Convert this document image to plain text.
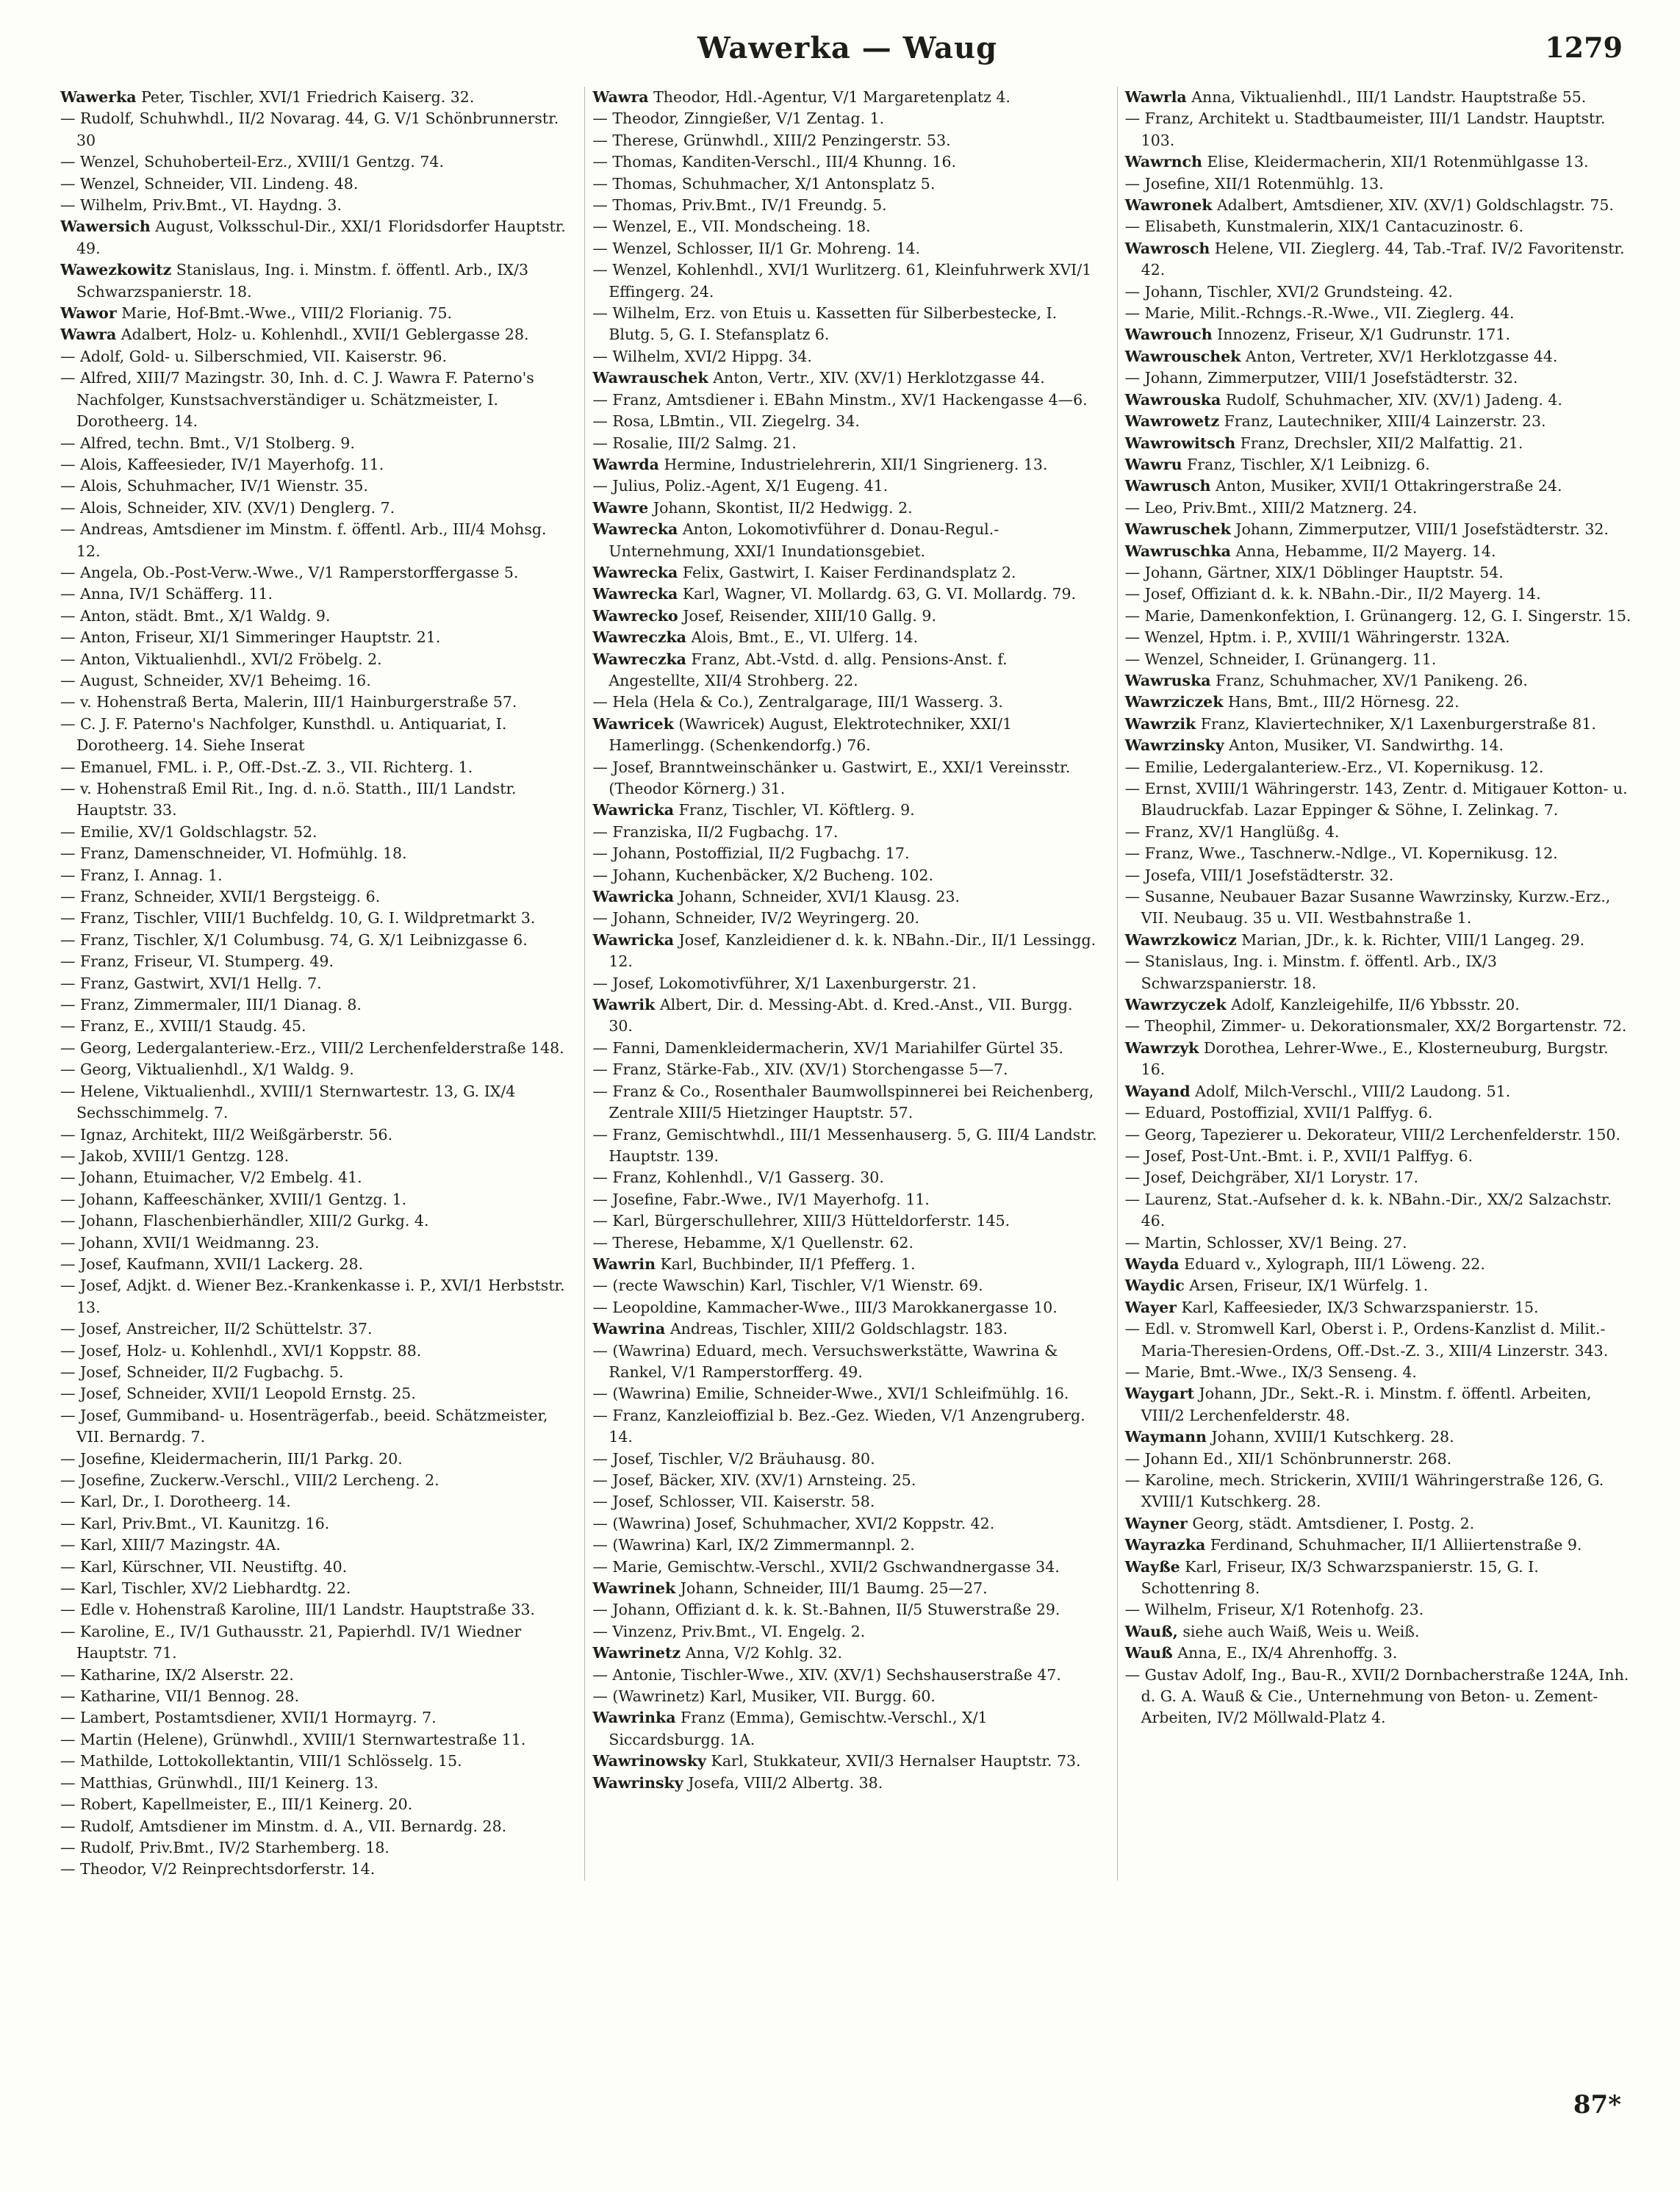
Wawerka — Waug	1279

Wawerka Peter, Tischler, XVI/1 Friedrich Kaiserg. 32.

— Rudolf, Schuhwhdl., II/2 Novarag. 44, G. V/1 Schönbrunnerstr. 30

— Wenzel, Schuhoberteil-Erz., XVIII/1 Gentzg. 74.

— Wenzel, Schneider, VII. Lindeng. 48.

— Wilhelm, Priv.Bmt., VI. Haydng. 3.

Wawersich August, Volksschul-Dir., XXI/1 Floridsdorfer Hauptstr. 49.

Wawezkowitz Stanislaus, Ing. i. Minstm. f. öffentl. Arb., IX/3 Schwarzspanierstr. 18.

Wawor Marie, Hof-Bmt.-Wwe., VIII/2 Florianig. 75.

Wawra Adalbert, Holz- u. Kohlenhdl., XVII/1 Geblergasse 28.

— Adolf, Gold- u. Silberschmied, VII. Kaiserstr. 96.

— Alfred, XIII/7 Mazingstr. 30, Inh. d. C. J. Wawra F. Paterno's Nachfolger, Kunstsachverständiger u. Schätzmeister, I. Dorotheerg. 14.

— Alfred, techn. Bmt., V/1 Stolberg. 9.

— Alois, Kaffeesieder, IV/1 Mayerhofg. 11.

— Alois, Schuhmacher, IV/1 Wienstr. 35.

— Alois, Schneider, XIV. (XV/1) Denglerg. 7.

— Andreas, Amtsdiener im Minstm. f. öffentl. Arb., III/4 Mohsg. 12.

— Angela, Ob.-Post-Verw.-Wwe., V/1 Ramperstorffergasse 5.

— Anna, IV/1 Schäfferg. 11.

— Anton, städt. Bmt., X/1 Waldg. 9.

— Anton, Friseur, XI/1 Simmeringer Hauptstr. 21.

— Anton, Viktualienhdl., XVI/2 Fröbelg. 2.

— August, Schneider, XV/1 Beheimg. 16.

— v. Hohenstraß Berta, Malerin, III/1 Hainburgerstraße 57.

— C. J. F. Paterno's Nachfolger, Kunsthdl. u. Antiquariat, I. Dorotheerg. 14. Siehe Inserat

— Emanuel, FML. i. P., Off.-Dst.-Z. 3., VII. Richterg. 1.

— v. Hohenstraß Emil Rit., Ing. d. n.ö. Statth., III/1 Landstr. Hauptstr. 33.

— Emilie, XV/1 Goldschlagstr. 52.

— Franz, Damenschneider, VI. Hofmühlg. 18.

— Franz, I. Annag. 1.

— Franz, Schneider, XVII/1 Bergsteigg. 6.

— Franz, Tischler, VIII/1 Buchfeldg. 10, G. I. Wildpretmarkt 3.

— Franz, Tischler, X/1 Columbusg. 74, G. X/1 Leibnizgasse 6.

— Franz, Friseur, VI. Stumperg. 49.

— Franz, Gastwirt, XVI/1 Hellg. 7.

— Franz, Zimmermaler, III/1 Dianag. 8.

— Franz, E., XVIII/1 Staudg. 45.

— Georg, Ledergalanteriew.-Erz., VIII/2 Lerchenfelderstraße 148.

— Georg, Viktualienhdl., X/1 Waldg. 9.

— Helene, Viktualienhdl., XVIII/1 Sternwartestr. 13, G. IX/4 Sechsschimmelg. 7.

— Ignaz, Architekt, III/2 Weißgärberstr. 56.

— Jakob, XVIII/1 Gentzg. 128.

— Johann, Etuimacher, V/2 Embelg. 41.

— Johann, Kaffeeschänker, XVIII/1 Gentzg. 1.

— Johann, Flaschenbierhändler, XIII/2 Gurkg. 4.

— Johann, XVII/1 Weidmanng. 23.

— Josef, Kaufmann, XVII/1 Lackerg. 28.

— Josef, Adjkt. d. Wiener Bez.-Krankenkasse i. P., XVI/1 Herbststr. 13.

— Josef, Anstreicher, II/2 Schüttelstr. 37.

— Josef, Holz- u. Kohlenhdl., XVI/1 Koppstr. 88.

— Josef, Schneider, II/2 Fugbachg. 5.

— Josef, Schneider, XVII/1 Leopold Ernstg. 25.

— Josef, Gummiband- u. Hosenträgerfab., beeid. Schätzmeister, VII. Bernardg. 7.

— Josefine, Kleidermacherin, III/1 Parkg. 20.

— Josefine, Zuckerw.-Verschl., VIII/2 Lercheng. 2.

— Karl, Dr., I. Dorotheerg. 14.

— Karl, Priv.Bmt., VI. Kaunitzg. 16.

— Karl, XIII/7 Mazingstr. 4A.

— Karl, Kürschner, VII. Neustiftg. 40.

— Karl, Tischler, XV/2 Liebhardtg. 22.

— Edle v. Hohenstraß Karoline, III/1 Landstr. Hauptstraße 33.

— Karoline, E., IV/1 Guthausstr. 21, Papierhdl. IV/1 Wiedner Hauptstr. 71.

— Katharine, IX/2 Alserstr. 22.

— Katharine, VII/1 Bennog. 28.

— Lambert, Postamtsdiener, XVII/1 Hormayrg. 7.

— Martin (Helene), Grünwhdl., XVIII/1 Sternwartestraße 11.

— Mathilde, Lottokollektantin, VIII/1 Schlösselg. 15.

— Matthias, Grünwhdl., III/1 Keinerg. 13.

— Robert, Kapellmeister, E., III/1 Keinerg. 20.

— Rudolf, Amtsdiener im Minstm. d. A., VII. Bernardg. 28.

— Rudolf, Priv.Bmt., IV/2 Starhemberg. 18.

— Theodor, V/2 Reinprechtsdorferstr. 14.

Wawra Theodor, Hdl.-Agentur, V/1 Margaretenplatz 4.

— Theodor, Zinngießer, V/1 Zentag. 1.

— Therese, Grünwhdl., XIII/2 Penzingerstr. 53.

— Thomas, Kanditen-Verschl., III/4 Khunng. 16.

— Thomas, Schuhmacher, X/1 Antonsplatz 5.

— Thomas, Priv.Bmt., IV/1 Freundg. 5.

— Wenzel, E., VII. Mondscheing. 18.

— Wenzel, Schlosser, II/1 Gr. Mohreng. 14.

— Wenzel, Kohlenhdl., XVI/1 Wurlitzerg. 61, Kleinfuhrwerk XVI/1 Effingerg. 24.

— Wilhelm, Erz. von Etuis u. Kassetten für Silberbestecke, I. Blutg. 5, G. I. Stefansplatz 6.

— Wilhelm, XVI/2 Hippg. 34.

Wawrauschek Anton, Vertr., XIV. (XV/1) Herklotzgasse 44.

— Franz, Amtsdiener i. EBahn Minstm., XV/1 Hackengasse 4—6.

— Rosa, LBmtin., VII. Ziegelrg. 34.

— Rosalie, III/2 Salmg. 21.

Wawrda Hermine, Industrielehrerin, XII/1 Singrienerg. 13.

— Julius, Poliz.-Agent, X/1 Eugeng. 41.

Wawre Johann, Skontist, II/2 Hedwigg. 2.

Wawrecka Anton, Lokomotivführer d. Donau-Regul.-Unternehmung, XXI/1 Inundationsgebiet.

Wawrecka Felix, Gastwirt, I. Kaiser Ferdinandsplatz 2.

Wawrecka Karl, Wagner, VI. Mollardg. 63, G. VI. Mollardg. 79.

Wawrecko Josef, Reisender, XIII/10 Gallg. 9.

Wawreczka Alois, Bmt., E., VI. Ulferg. 14.

Wawreczka Franz, Abt.-Vstd. d. allg. Pensions-Anst. f. Angestellte, XII/4 Strohberg. 22.

— Hela (Hela & Co.), Zentralgarage, III/1 Wasserg. 3.

Wawricek (Wawricek) August, Elektrotechniker, XXI/1 Hamerlingg. (Schenkendorfg.) 76.

— Josef, Branntweinschänker u. Gastwirt, E., XXI/1 Vereinsstr. (Theodor Körnerg.) 31.

Wawricka Franz, Tischler, VI. Köftlerg. 9.

— Franziska, II/2 Fugbachg. 17.

— Johann, Postoffizial, II/2 Fugbachg. 17.

— Johann, Kuchenbäcker, X/2 Bucheng. 102.

Wawricka Johann, Schneider, XVI/1 Klausg. 23.

— Johann, Schneider, IV/2 Weyringerg. 20.

Wawricka Josef, Kanzleidiener d. k. k. NBahn.-Dir., II/1 Lessingg. 12.

— Josef, Lokomotivführer, X/1 Laxenburgerstr. 21.

Wawrik Albert, Dir. d. Messing-Abt. d. Kred.-Anst., VII. Burgg. 30.

— Fanni, Damenkleidermacherin, XV/1 Mariahilfer Gürtel 35.

— Franz, Stärke-Fab., XIV. (XV/1) Storchengasse 5—7.

— Franz & Co., Rosenthaler Baumwollspinnerei bei Reichenberg, Zentrale XIII/5 Hietzinger Hauptstr. 57.

— Franz, Gemischtwhdl., III/1 Messenhauserg. 5, G. III/4 Landstr. Hauptstr. 139.

— Franz, Kohlenhdl., V/1 Gasserg. 30.

— Josefine, Fabr.-Wwe., IV/1 Mayerhofg. 11.

— Karl, Bürgerschullehrer, XIII/3 Hütteldorferstr. 145.

— Therese, Hebamme, X/1 Quellenstr. 62.

Wawrin Karl, Buchbinder, II/1 Pfefferg. 1.

— (recte Wawschin) Karl, Tischler, V/1 Wienstr. 69.

— Leopoldine, Kammacher-Wwe., III/3 Marokkanergasse 10.

Wawrina Andreas, Tischler, XIII/2 Goldschlagstr. 183.

— (Wawrina) Eduard, mech. Versuchswerkstätte, Wawrina & Rankel, V/1 Ramperstorfferg. 49.

— (Wawrina) Emilie, Schneider-Wwe., XVI/1 Schleifmühlg. 16.

— Franz, Kanzleioffizial b. Bez.-Gez. Wieden, V/1 Anzengruberg. 14.

— Josef, Tischler, V/2 Bräuhausg. 80.

— Josef, Bäcker, XIV. (XV/1) Arnsteing. 25.

— Josef, Schlosser, VII. Kaiserstr. 58.

— (Wawrina) Josef, Schuhmacher, XVI/2 Koppstr. 42.

— (Wawrina) Karl, IX/2 Zimmermannpl. 2.

— Marie, Gemischtw.-Verschl., XVII/2 Gschwandnergasse 34.

Wawrinek Johann, Schneider, III/1 Baumg. 25—27.

— Johann, Offiziant d. k. k. St.-Bahnen, II/5 Stuwerstraße 29.

— Vinzenz, Priv.Bmt., VI. Engelg. 2.

Wawrinetz Anna, V/2 Kohlg. 32.

— Antonie, Tischler-Wwe., XIV. (XV/1) Sechshauserstraße 47.

— (Wawrinetz) Karl, Musiker, VII. Burgg. 60.

Wawrinka Franz (Emma), Gemischtw.-Verschl., X/1 Siccardsburgg. 1A.

Wawrinowsky Karl, Stukkateur, XVII/3 Hernalser Hauptstr. 73.

Wawrinsky Josefa, VIII/2 Albertg. 38.

Wawrla Anna, Viktualienhdl., III/1 Landstr. Hauptstraße 55.

— Franz, Architekt u. Stadtbaumeister, III/1 Landstr. Hauptstr. 103.

Wawrnch Elise, Kleidermacherin, XII/1 Rotenmühlgasse 13.

— Josefine, XII/1 Rotenmühlg. 13.

Wawronek Adalbert, Amtsdiener, XIV. (XV/1) Goldschlagstr. 75.

— Elisabeth, Kunstmalerin, XIX/1 Cantacuzinostr. 6.

Wawrosch Helene, VII. Zieglerg. 44, Tab.-Traf. IV/2 Favoritenstr. 42.

— Johann, Tischler, XVI/2 Grundsteing. 42.

— Marie, Milit.-Rchngs.-R.-Wwe., VII. Zieglerg. 44.

Wawrouch Innozenz, Friseur, X/1 Gudrunstr. 171.

Wawrouschek Anton, Vertreter, XV/1 Herklotzgasse 44.

— Johann, Zimmerputzer, VIII/1 Josefstädterstr. 32.

Wawrouska Rudolf, Schuhmacher, XIV. (XV/1) Jadeng. 4.

Wawrowetz Franz, Lautechniker, XIII/4 Lainzerstr. 23.

Wawrowitsch Franz, Drechsler, XII/2 Malfattig. 21.

Wawru Franz, Tischler, X/1 Leibnizg. 6.

Wawrusch Anton, Musiker, XVII/1 Ottakringerstraße 24.

— Leo, Priv.Bmt., XIII/2 Matznerg. 24.

Wawruschek Johann, Zimmerputzer, VIII/1 Josefstädterstr. 32.

Wawruschka Anna, Hebamme, II/2 Mayerg. 14.

— Johann, Gärtner, XIX/1 Döblinger Hauptstr. 54.

— Josef, Offiziant d. k. k. NBahn.-Dir., II/2 Mayerg. 14.

— Marie, Damenkonfektion, I. Grünangerg. 12, G. I. Singerstr. 15.

— Wenzel, Hptm. i. P., XVIII/1 Währingerstr. 132A.

— Wenzel, Schneider, I. Grünangerg. 11.

Wawruska Franz, Schuhmacher, XV/1 Panikeng. 26.

Wawrziczek Hans, Bmt., III/2 Hörnesg. 22.

Wawrzik Franz, Klaviertechniker, X/1 Laxenburgerstraße 81.

Wawrzinsky Anton, Musiker, VI. Sandwirthg. 14.

— Emilie, Ledergalanteriew.-Erz., VI. Kopernikusg. 12.

— Ernst, XVIII/1 Währingerstr. 143, Zentr. d. Mitigauer Kotton- u. Blaudruckfab. Lazar Eppinger & Söhne, I. Zelinkag. 7.

— Franz, XV/1 Hanglüßg. 4.

— Franz, Wwe., Taschnerw.-Ndlge., VI. Kopernikusg. 12.

— Josefa, VIII/1 Josefstädterstr. 32.

— Susanne, Neubauer Bazar Susanne Wawrzinsky, Kurzw.-Erz., VII. Neubaug. 35 u. VII. Westbahnstraße 1.

Wawrzkowicz Marian, JDr., k. k. Richter, VIII/1 Langeg. 29.

— Stanislaus, Ing. i. Minstm. f. öffentl. Arb., IX/3 Schwarzspanierstr. 18.

Wawrzyczek Adolf, Kanzleigehilfe, II/6 Ybbsstr. 20.

— Theophil, Zimmer- u. Dekorationsmaler, XX/2 Borgartenstr. 72.

Wawrzyk Dorothea, Lehrer-Wwe., E., Klosterneuburg, Burgstr. 16.

Wayand Adolf, Milch-Verschl., VIII/2 Laudong. 51.

— Eduard, Postoffizial, XVII/1 Palffyg. 6.

— Georg, Tapezierer u. Dekorateur, VIII/2 Lerchenfelderstr. 150.

— Josef, Post-Unt.-Bmt. i. P., XVII/1 Palffyg. 6.

— Josef, Deichgräber, XI/1 Lorystr. 17.

— Laurenz, Stat.-Aufseher d. k. k. NBahn.-Dir., XX/2 Salzachstr. 46.

— Martin, Schlosser, XV/1 Being. 27.

Wayda Eduard v., Xylograph, III/1 Löweng. 22.

Waydic Arsen, Friseur, IX/1 Würfelg. 1.

Wayer Karl, Kaffeesieder, IX/3 Schwarzspanierstr. 15.

— Edl. v. Stromwell Karl, Oberst i. P., Ordens-Kanzlist d. Milit.-Maria-Theresien-Ordens, Off.-Dst.-Z. 3., XIII/4 Linzerstr. 343.

— Marie, Bmt.-Wwe., IX/3 Senseng. 4.

Waygart Johann, JDr., Sekt.-R. i. Minstm. f. öffentl. Arbeiten, VIII/2 Lerchenfelderstr. 48.

Waymann Johann, XVIII/1 Kutschkerg. 28.

— Johann Ed., XII/1 Schönbrunnerstr. 268.

— Karoline, mech. Strickerin, XVIII/1 Währingerstraße 126, G. XVIII/1 Kutschkerg. 28.

Wayner Georg, städt. Amtsdiener, I. Postg. 2.

Wayrazka Ferdinand, Schuhmacher, II/1 Alliiertenstraße 9.

Wayße Karl, Friseur, IX/3 Schwarzspanierstr. 15, G. I. Schottenring 8.

— Wilhelm, Friseur, X/1 Rotenhofg. 23.

Wauß, siehe auch Waiß, Weis u. Weiß.

Wauß Anna, E., IX/4 Ahrenhoffg. 3.

— Gustav Adolf, Ing., Bau-R., XVII/2 Dornbacherstraße 124A, Inh. d. G. A. Wauß & Cie., Unternehmung von Beton- u. Zement-Arbeiten, IV/2 Möllwald-Platz 4.

87*
